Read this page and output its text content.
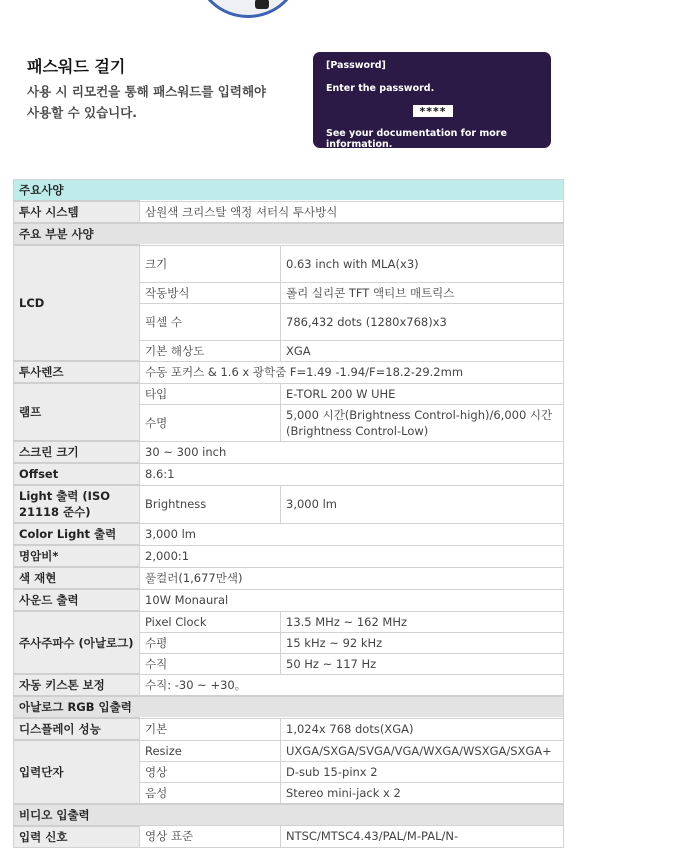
패스워드 걸기
사용 시 리모컨을 통해 패스워드를 입력해야 사용할 수 있습니다.
[Password]
Enter the password.
****
See your documentation for more information.
주요사양		
투사 시스템	삼원색 크리스탈 액정 셔터식 투사방식	
주요 부분 사양		
LCD	크기	0.63 inch with MLA(x3)
	작동방식	폴리 실리콘 TFT 액티브 매트릭스
	픽셀 수	786,432 dots (1280x768)x3
	기본 해상도	XGA
투사렌즈	수동 포커스 & 1.6 x 광학줌 F=1.49 -1.94/F=18.2-29.2mm	
램프	타입	E-TORL 200 W UHE
	수명	5,000 시간(Brightness Control-high)/6,000 시간(Brightness Control-Low)
스크린 크기	30 ~ 300 inch	
Offset	8.6:1	
Light 출력 (ISO 21118 준수)	Brightness	3,000 lm
Color Light 출력	3,000 lm	
명암비*	2,000:1	
색 재현	풀컬러(1,677만색)	
사운드 출력	10W Monaural	
주사주파수 (아날로그)	Pixel Clock	13.5 MHz ~ 162 MHz
	수평	15 kHz ~ 92 kHz
	수직	50 Hz ~ 117 Hz
자동 키스톤 보정	수직: -30 ~ +30。	
아날로그 RGB 입출력		
디스플레이 성능	기본	1,024x 768 dots(XGA)
입력단자	Resize	UXGA/SXGA/SVGA/VGA/WXGA/WSXGA/SXGA+
	영상	D-sub 15-pinx 2
	음성	Stereo mini-jack x 2
비디오 입출력		
입력 신호	영상 표준	NTSC/MTSC4.43/PAL/M-PAL/N-
